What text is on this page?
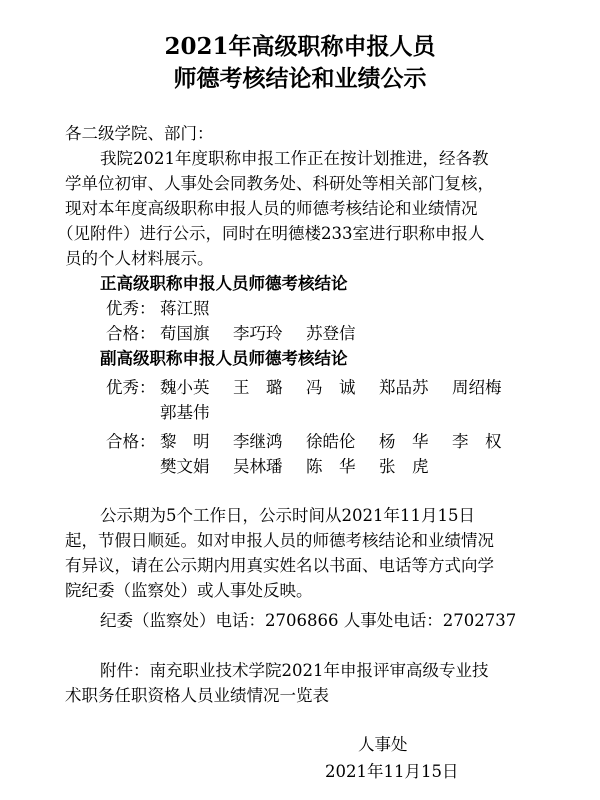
2021年高级职称申报人员
师德考核结论和业绩公示
各二级学院、部门：
我院2021年度职称申报工作正在按计划推进，经各教
学单位初审、人事处会同教务处、科研处等相关部门复核，
现对本年度高级职称申报人员的师德考核结论和业绩情况
（见附件）进行公示，同时在明德楼233室进行职称申报人
员的个人材料展示。
正高级职称申报人员师德考核结论
优秀： 蒋江照
合格： 荀国旗 李巧玲 苏登信
副高级职称申报人员师德考核结论
优秀： 魏小英 王　璐 冯　诚 郑品苏 周绍梅
郭基伟
合格： 黎　明 李继鸿 徐皓伦 杨　华 李　权
樊文娟 吴林璠 陈　华 张　虎
公示期为5个工作日，公示时间从2021年11月15日
起，节假日顺延。如对申报人员的师德考核结论和业绩情况
有异议，请在公示期内用真实姓名以书面、电话等方式向学
院纪委（监察处）或人事处反映。
纪委（监察处）电话：2706866 人事处电话：2702737
附件：南充职业技术学院2021年申报评审高级专业技
术职务任职资格人员业绩情况一览表
人事处
2021年11月15日
